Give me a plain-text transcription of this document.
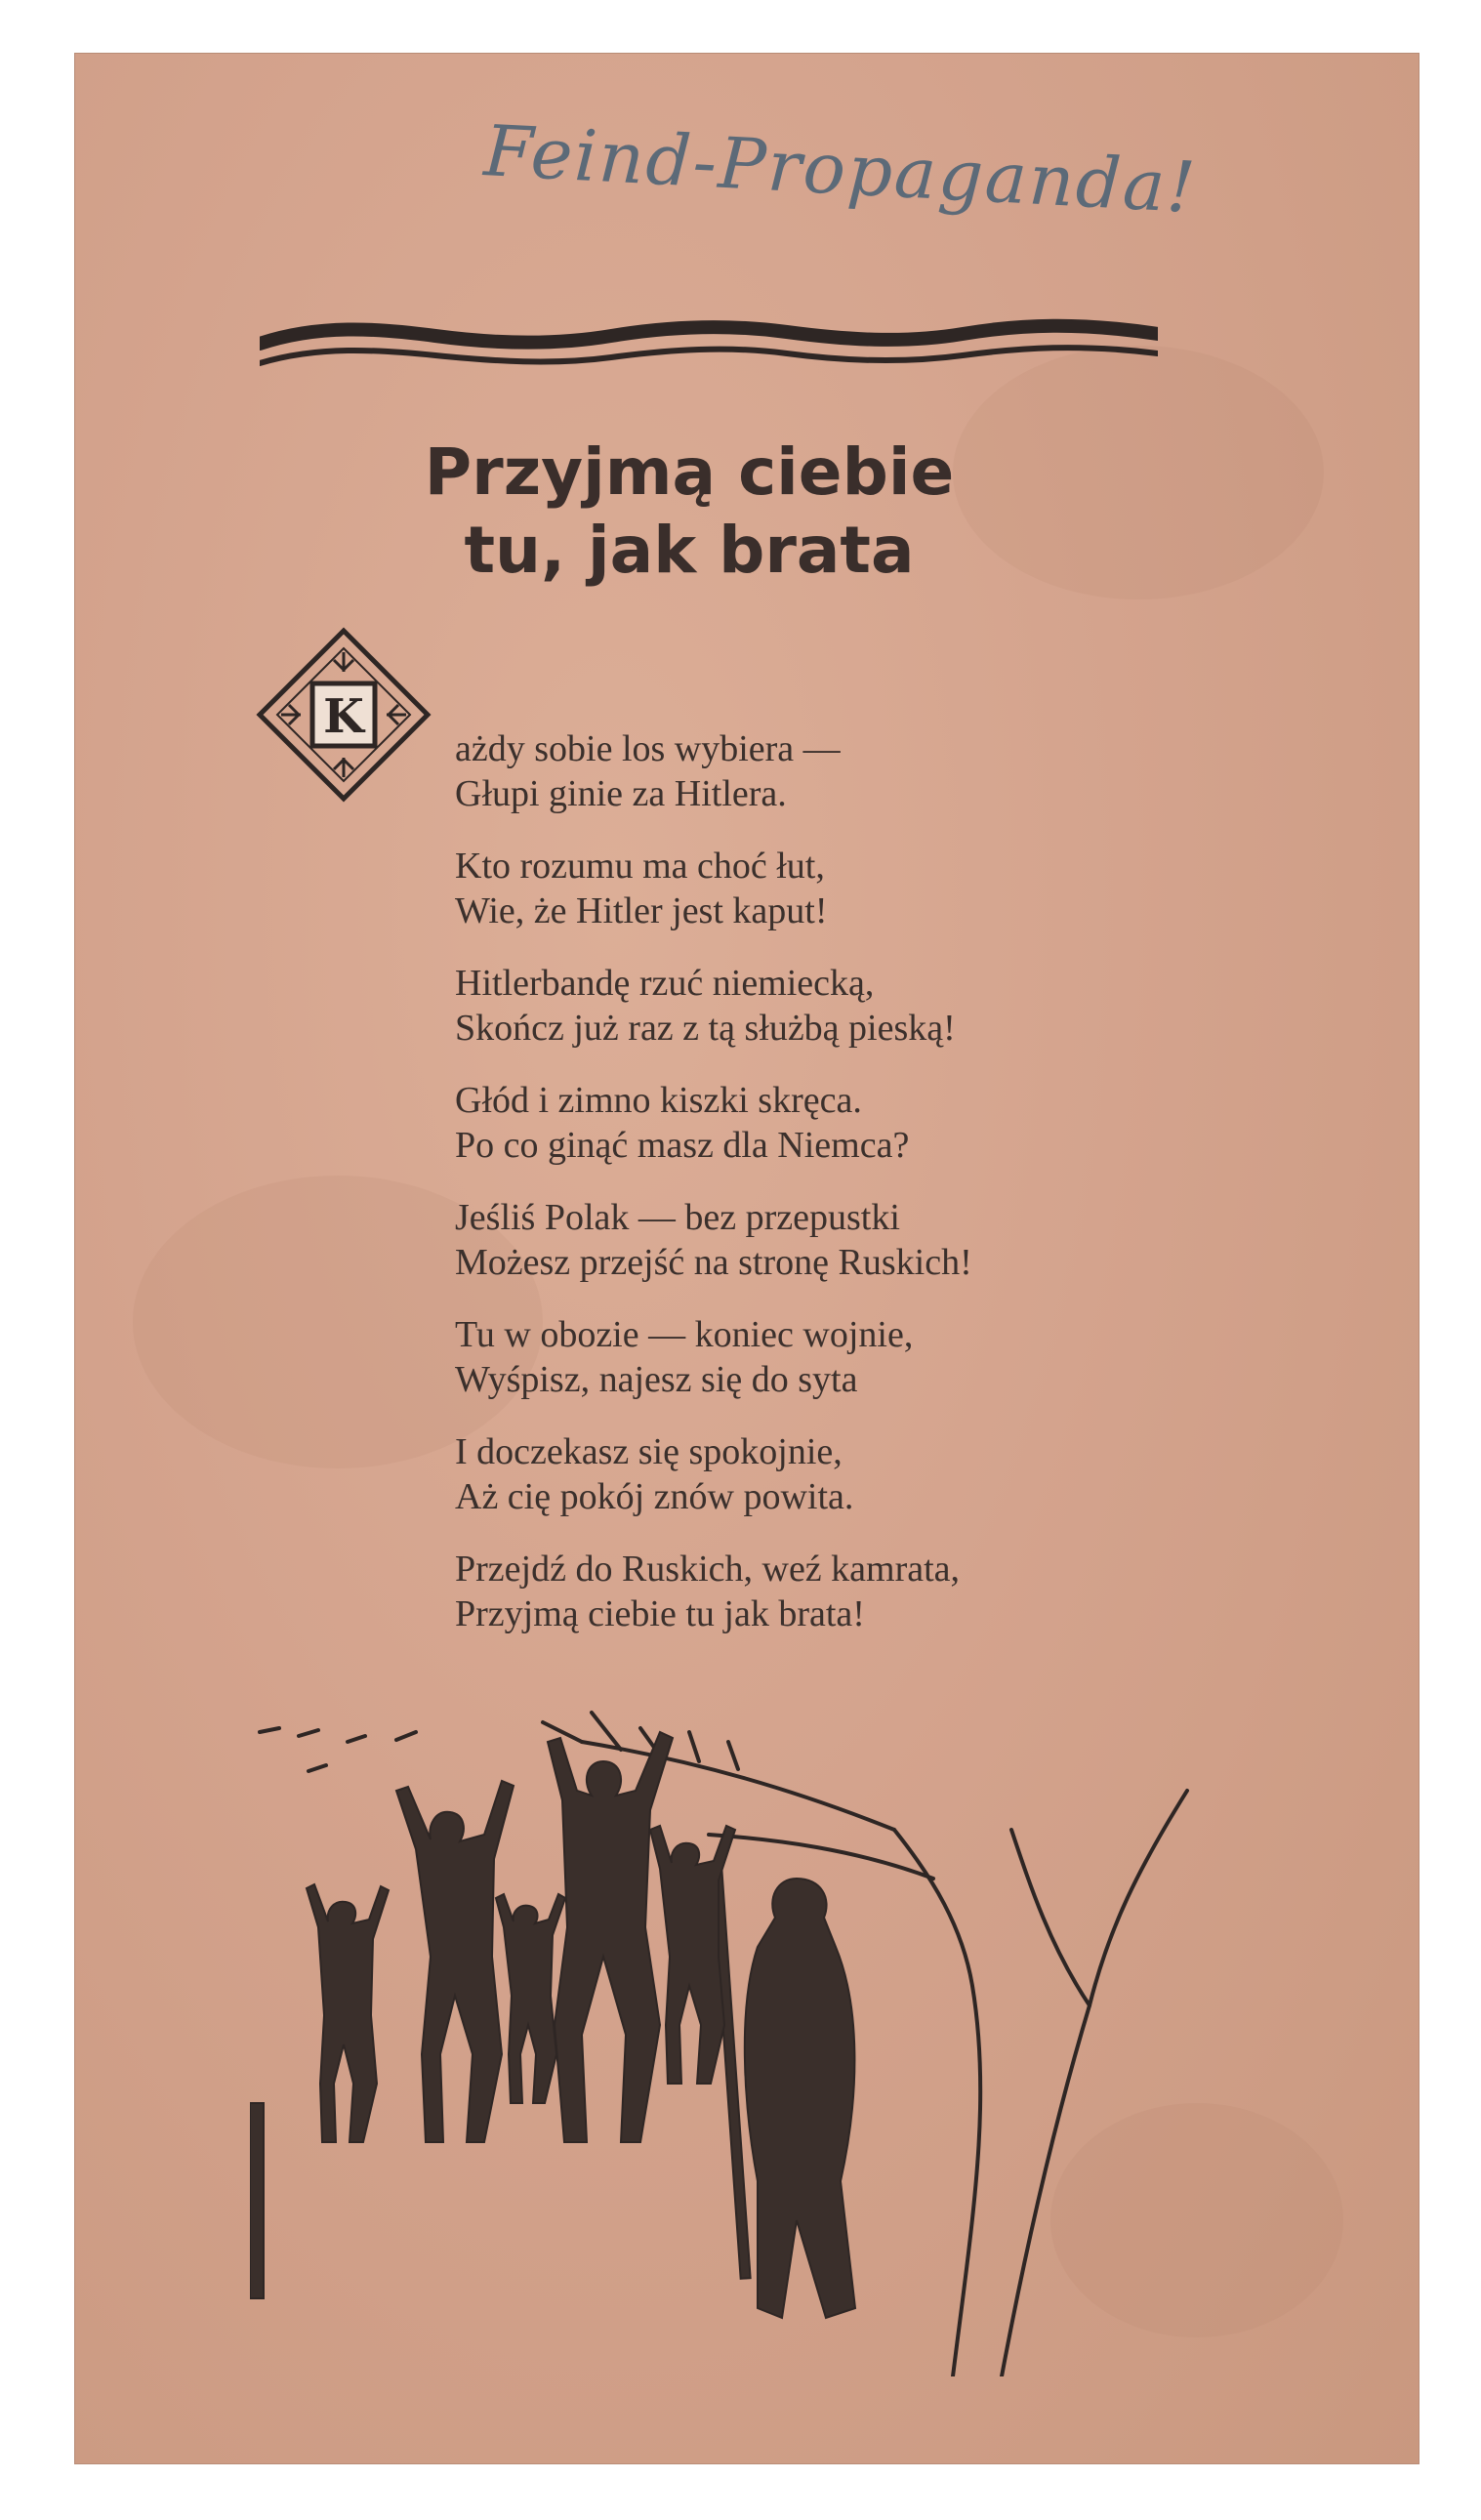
Feind-Propaganda!

Przyjmą ciebie
tu, jak brata
K
ażdy sobie los wybiera —
Głupi ginie za Hitlera.
Kto rozumu ma choć łut,
Wie, że Hitler jest kaput!
Hitlerbandę rzuć niemiecką,
Skończ już raz z tą służbą pieską!
Głód i zimno kiszki skręca.
Po co ginąć masz dla Niemca?
Jeśliś Polak — bez przepustki
Możesz przejść na stronę Ruskich!
Tu w obozie — koniec wojnie,
Wyśpisz, najesz się do syta
I doczekasz się spokojnie,
Aż cię pokój znów powita.
Przejdź do Ruskich, weź kamrata,
Przyjmą ciebie tu jak brata!
